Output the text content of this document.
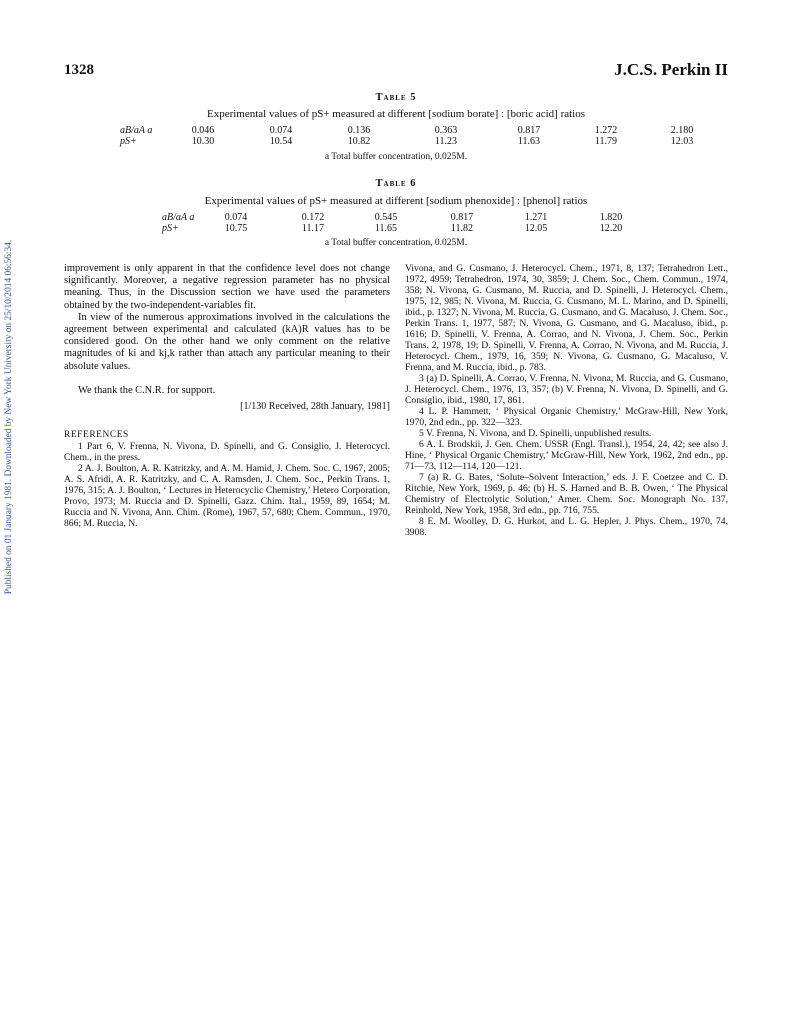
Published on 01 January 1981. Downloaded by New York University on 25/10/2014 06:56:34.
1328	J.C.S. Perkin II
Table 5
Experimental values of pS+ measured at different [sodium borate] : [boric acid] ratios
aB/aA a	0.046	0.074	0.136	0.363	0.817	1.272	2.180
pS+	10.30	10.54	10.82	11.23	11.63	11.79	12.03
a Total buffer concentration, 0.025M.
Table 6
Experimental values of pS+ measured at different [sodium phenoxide] : [phenol] ratios
aB/aA a	0.074	0.172	0.545	0.817	1.271	1.820
pS+	10.75	11.17	11.65	11.82	12.05	12.20
a Total buffer concentration, 0.025M.

improvement is only apparent in that the confidence level does not change significantly. Moreover, a negative regression parameter has no physical meaning. Thus, in the Discussion section we have used the parameters obtained by the two-independent-variables fit.

In view of the numerous approximations involved in the calculations the agreement between experimental and calculated (kA)R values has to be considered good. On the other hand we only comment on the relative magnitudes of ki and kj,k rather than attach any particular meaning to their absolute values.

We thank the C.N.R. for support.

[1/130 Received, 28th January, 1981]

REFERENCES

1 Part 6, V. Frenna, N. Vivona, D. Spinelli, and G. Consiglio, J. Heterocycl. Chem., in the press.

2 A. J. Boulton, A. R. Katritzky, and A. M. Hamid, J. Chem. Soc. C, 1967, 2005; A. S. Afridi, A. R. Katritzky, and C. A. Ramsden, J. Chem. Soc., Perkin Trans. 1, 1976, 315; A. J. Boulton, ‘ Lectures in Heterocyclic Chemistry,’ Hetero Corporation, Provo, 1973; M. Ruccia and D. Spinelli, Gazz. Chim. Ital., 1959, 89, 1654; M. Ruccia and N. Vivona, Ann. Chim. (Rome), 1967, 57, 680; Chem. Commun., 1970, 866; M. Ruccia, N.

Vivona, and G. Cusmano, J. Heterocycl. Chem., 1971, 8, 137; Tetrahedron Lett., 1972, 4959; Tetrahedron, 1974, 30, 3859; J. Chem. Soc., Chem. Commun., 1974, 358; N. Vivona, G. Cusmano, M. Ruccia, and D. Spinelli, J. Heterocycl. Chem., 1975, 12, 985; N. Vivona, M. Ruccia, G. Cusmano, M. L. Marino, and D. Spinelli, ibid., p. 1327; N. Vivona, M. Ruccia, G. Cusmano, and G. Macaluso, J. Chem. Soc., Perkin Trans. 1, 1977, 587; N. Vivona, G. Cusmano, and G. Macaluso, ibid., p. 1616; D. Spinelli, V. Frenna, A. Corrao, and N. Vivona, J. Chem. Soc., Perkin Trans. 2, 1978, 19; D. Spinelli, V. Frenna, A. Corrao, N. Vivona, and M. Ruccia, J. Heterocycl. Chem., 1979, 16, 359; N. Vivona, G. Cusmano, G. Macaluso, V. Frenna, and M. Ruccia, ibid., p. 783.

3 (a) D. Spinelli, A. Corrao, V. Frenna, N. Vivona, M. Ruccia, and G. Cusmano, J. Heterocycl. Chem., 1976, 13, 357; (b) V. Frenna, N. Vivona, D. Spinelli, and G. Consiglio, ibid., 1980, 17, 861.

4 L. P. Hammett, ‘ Physical Organic Chemistry,’ McGraw-Hill, New York, 1970, 2nd edn., pp. 322—323.

5 V. Frenna, N. Vivona, and D. Spinelli, unpublished results.

6 A. I. Brodskii, J. Gen. Chem. USSR (Engl. Transl.), 1954, 24, 42; see also J. Hine, ‘ Physical Organic Chemistry,’ McGraw-Hill, New York, 1962, 2nd edn., pp. 71—73, 112—114, 120—121.

7 (a) R. G. Bates, ‘Solute–Solvent Interaction,’ eds. J. F. Coetzee and C. D. Ritchie, New York, 1969, p. 46; (b) H. S. Harned and B. B. Owen, ‘ The Physical Chemistry of Electrolytic Solution,’ Amer. Chem. Soc. Monograph No. 137, Reinhold, New York, 1958, 3rd edn., pp. 716, 755.

8 E. M. Woolley, D. G. Hurkot, and L. G. Hepler, J. Phys. Chem., 1970, 74, 3908.
